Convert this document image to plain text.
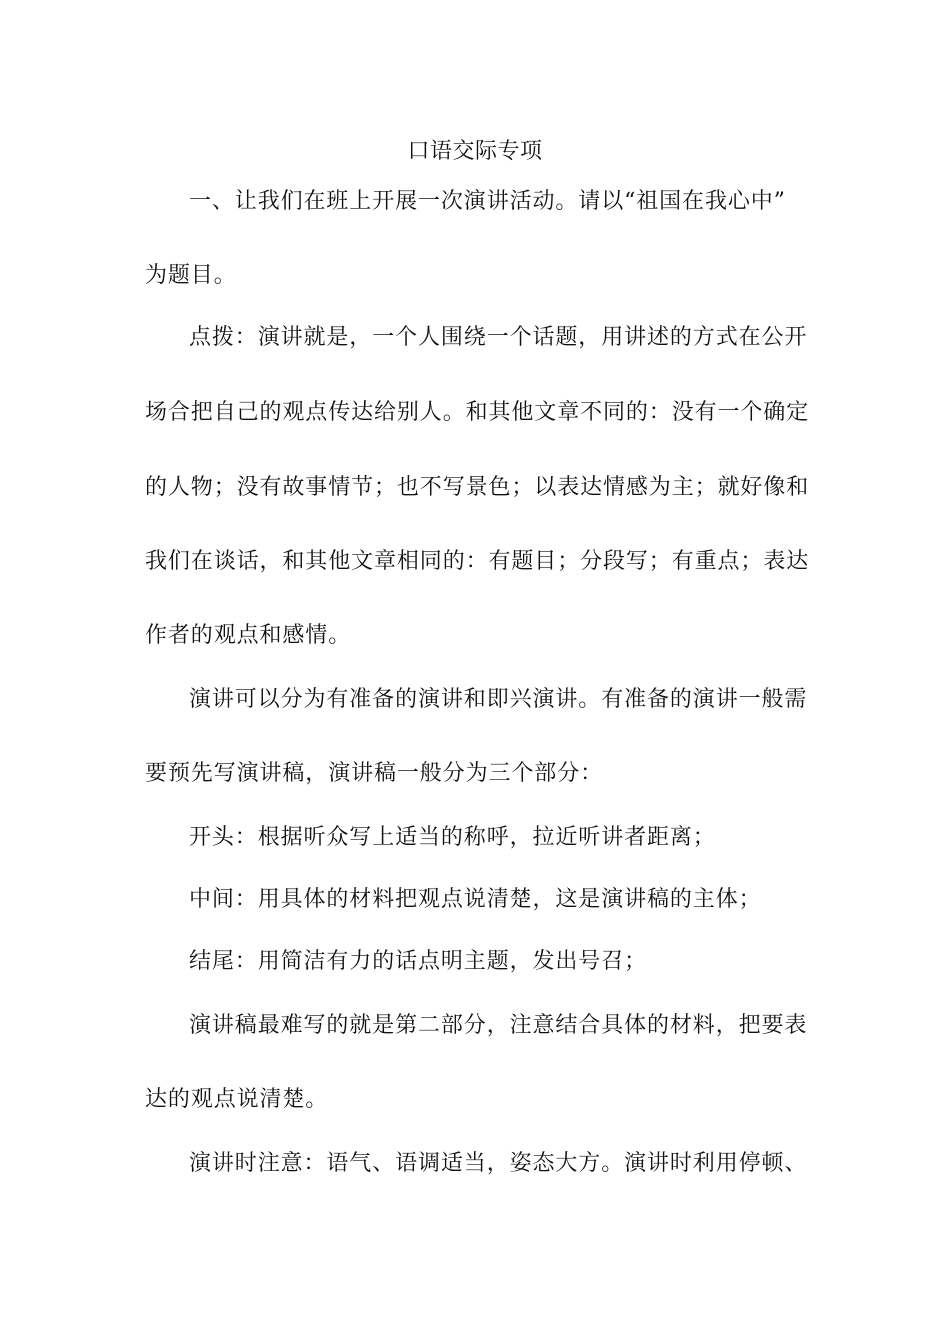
口语交际专项
一、让我们在班上开展一次演讲活动。请以“祖国在我心中”
为题目。
点拨：演讲就是，一个人围绕一个话题，用讲述的方式在公开
场合把自己的观点传达给别人。和其他文章不同的：没有一个确定
的人物；没有故事情节；也不写景色；以表达情感为主；就好像和
我们在谈话，和其他文章相同的：有题目；分段写；有重点；表达
作者的观点和感情。
演讲可以分为有准备的演讲和即兴演讲。有准备的演讲一般需
要预先写演讲稿，演讲稿一般分为三个部分：
开头：根据听众写上适当的称呼，拉近听讲者距离；
中间：用具体的材料把观点说清楚，这是演讲稿的主体；
结尾：用简洁有力的话点明主题，发出号召；
演讲稿最难写的就是第二部分，注意结合具体的材料，把要表
达的观点说清楚。
演讲时注意：语气、语调适当，姿态大方。演讲时利用停顿、
